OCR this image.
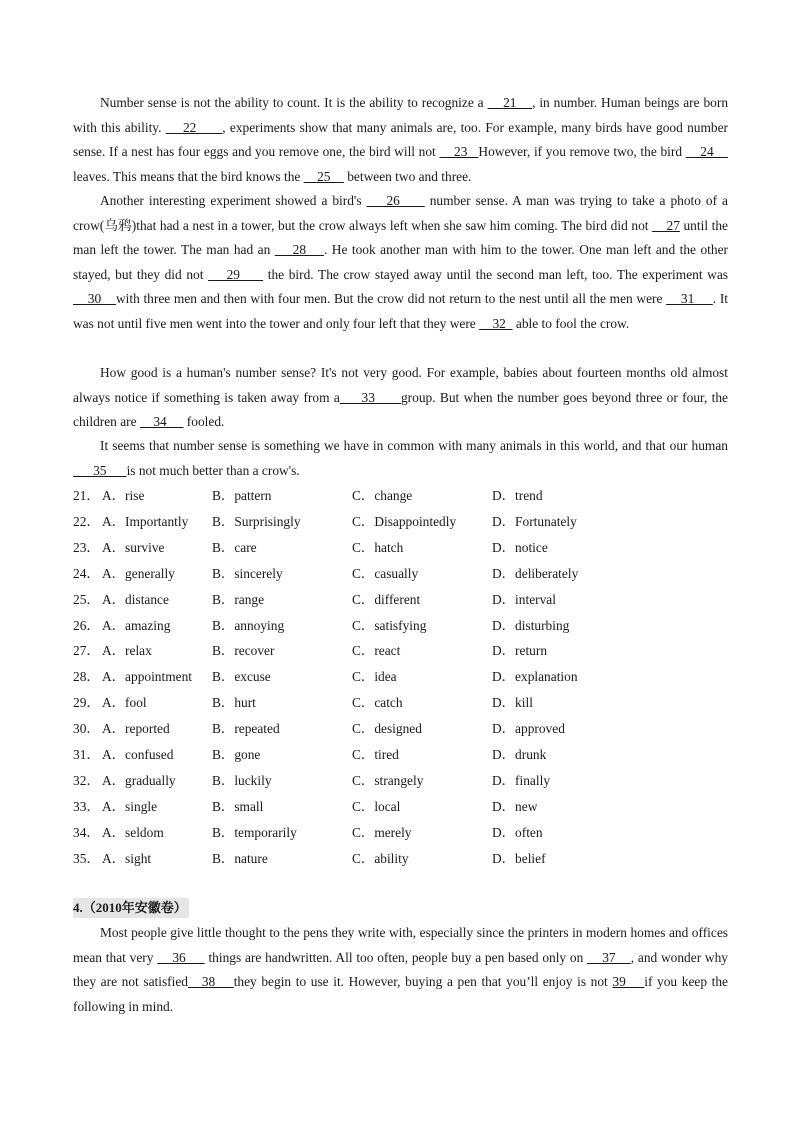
Number sense is not the ability to count. It is the ability to recognize a     21    , in number. Human beings are born with this ability.     22      , experiments show that many animals are, too. For example, many birds have good number sense. If a nest has four eggs and you remove one, the bird will not     23   However, if you remove two, the bird     24     leaves. This means that the bird knows the     25     between two and three.

Another interesting experiment showed a bird's     26      number sense. A man was trying to take a photo of a crow(乌鸦)that had a nest in a tower, but the crow always left when she saw him coming. The bird did not     27 until the man left the tower. The man had an     28    . He took another man with him to the tower. One man left and the other stayed, but they did not     29      the bird. The crow stayed away until the second man left, too. The experiment was     30    with three men and then with four men. But the crow did not return to the nest until all the men were     31     . It was not until five men went into the tower and only four left that they were     32   able to fool the crow.

How good is a human's number sense? It's not very good. For example, babies about fourteen months old almost always notice if something is taken away from a     33      group. But when the number goes beyond three or four, the children are     34      fooled.

It seems that number sense is something we have in common with many animals in this world, and that our human      35      is not much better than a crow's.

21． A．rise	B．pattern	C．change	D．trend
22． A．Importantly B．Surprisingly	C．Disappointedly	D．Fortunately
23． A．survive	B．care	C．hatch	D．notice
24． A．generally	B．sincerely	C．casually	D．deliberately
25． A．distance	B．range	C．different	D．interval
26． A．amazing	B．annoying	C．satisfying	D．disturbing
27． A．relax	B．recover	C．react	D．return
28． A．appointment B．excuse	C．idea	D．explanation
29． A．fool	B．hurt	C．catch	D．kill
30． A．reported	B．repeated	C．designed	D．approved
31． A．confused	B．gone	C．tired	D．drunk
32． A．gradually	B．luckily	C．strangely	D．finally
33． A．single	B．small	C．local	D．new
34． A．seldom	B．temporarily	C．merely	D．often
35． A．sight	B．nature	C．ability	D．belief
4.（2010年安徽卷）

Most people give little thought to the pens they write with, especially since the printers in modern homes and offices mean that very     36      things are handwritten. All too often, people buy a pen based only on     37    , and wonder why they are not satisfied   38    they begin to use it. However, buying a pen that you’ll enjoy is not 39    if you keep the following in mind.
